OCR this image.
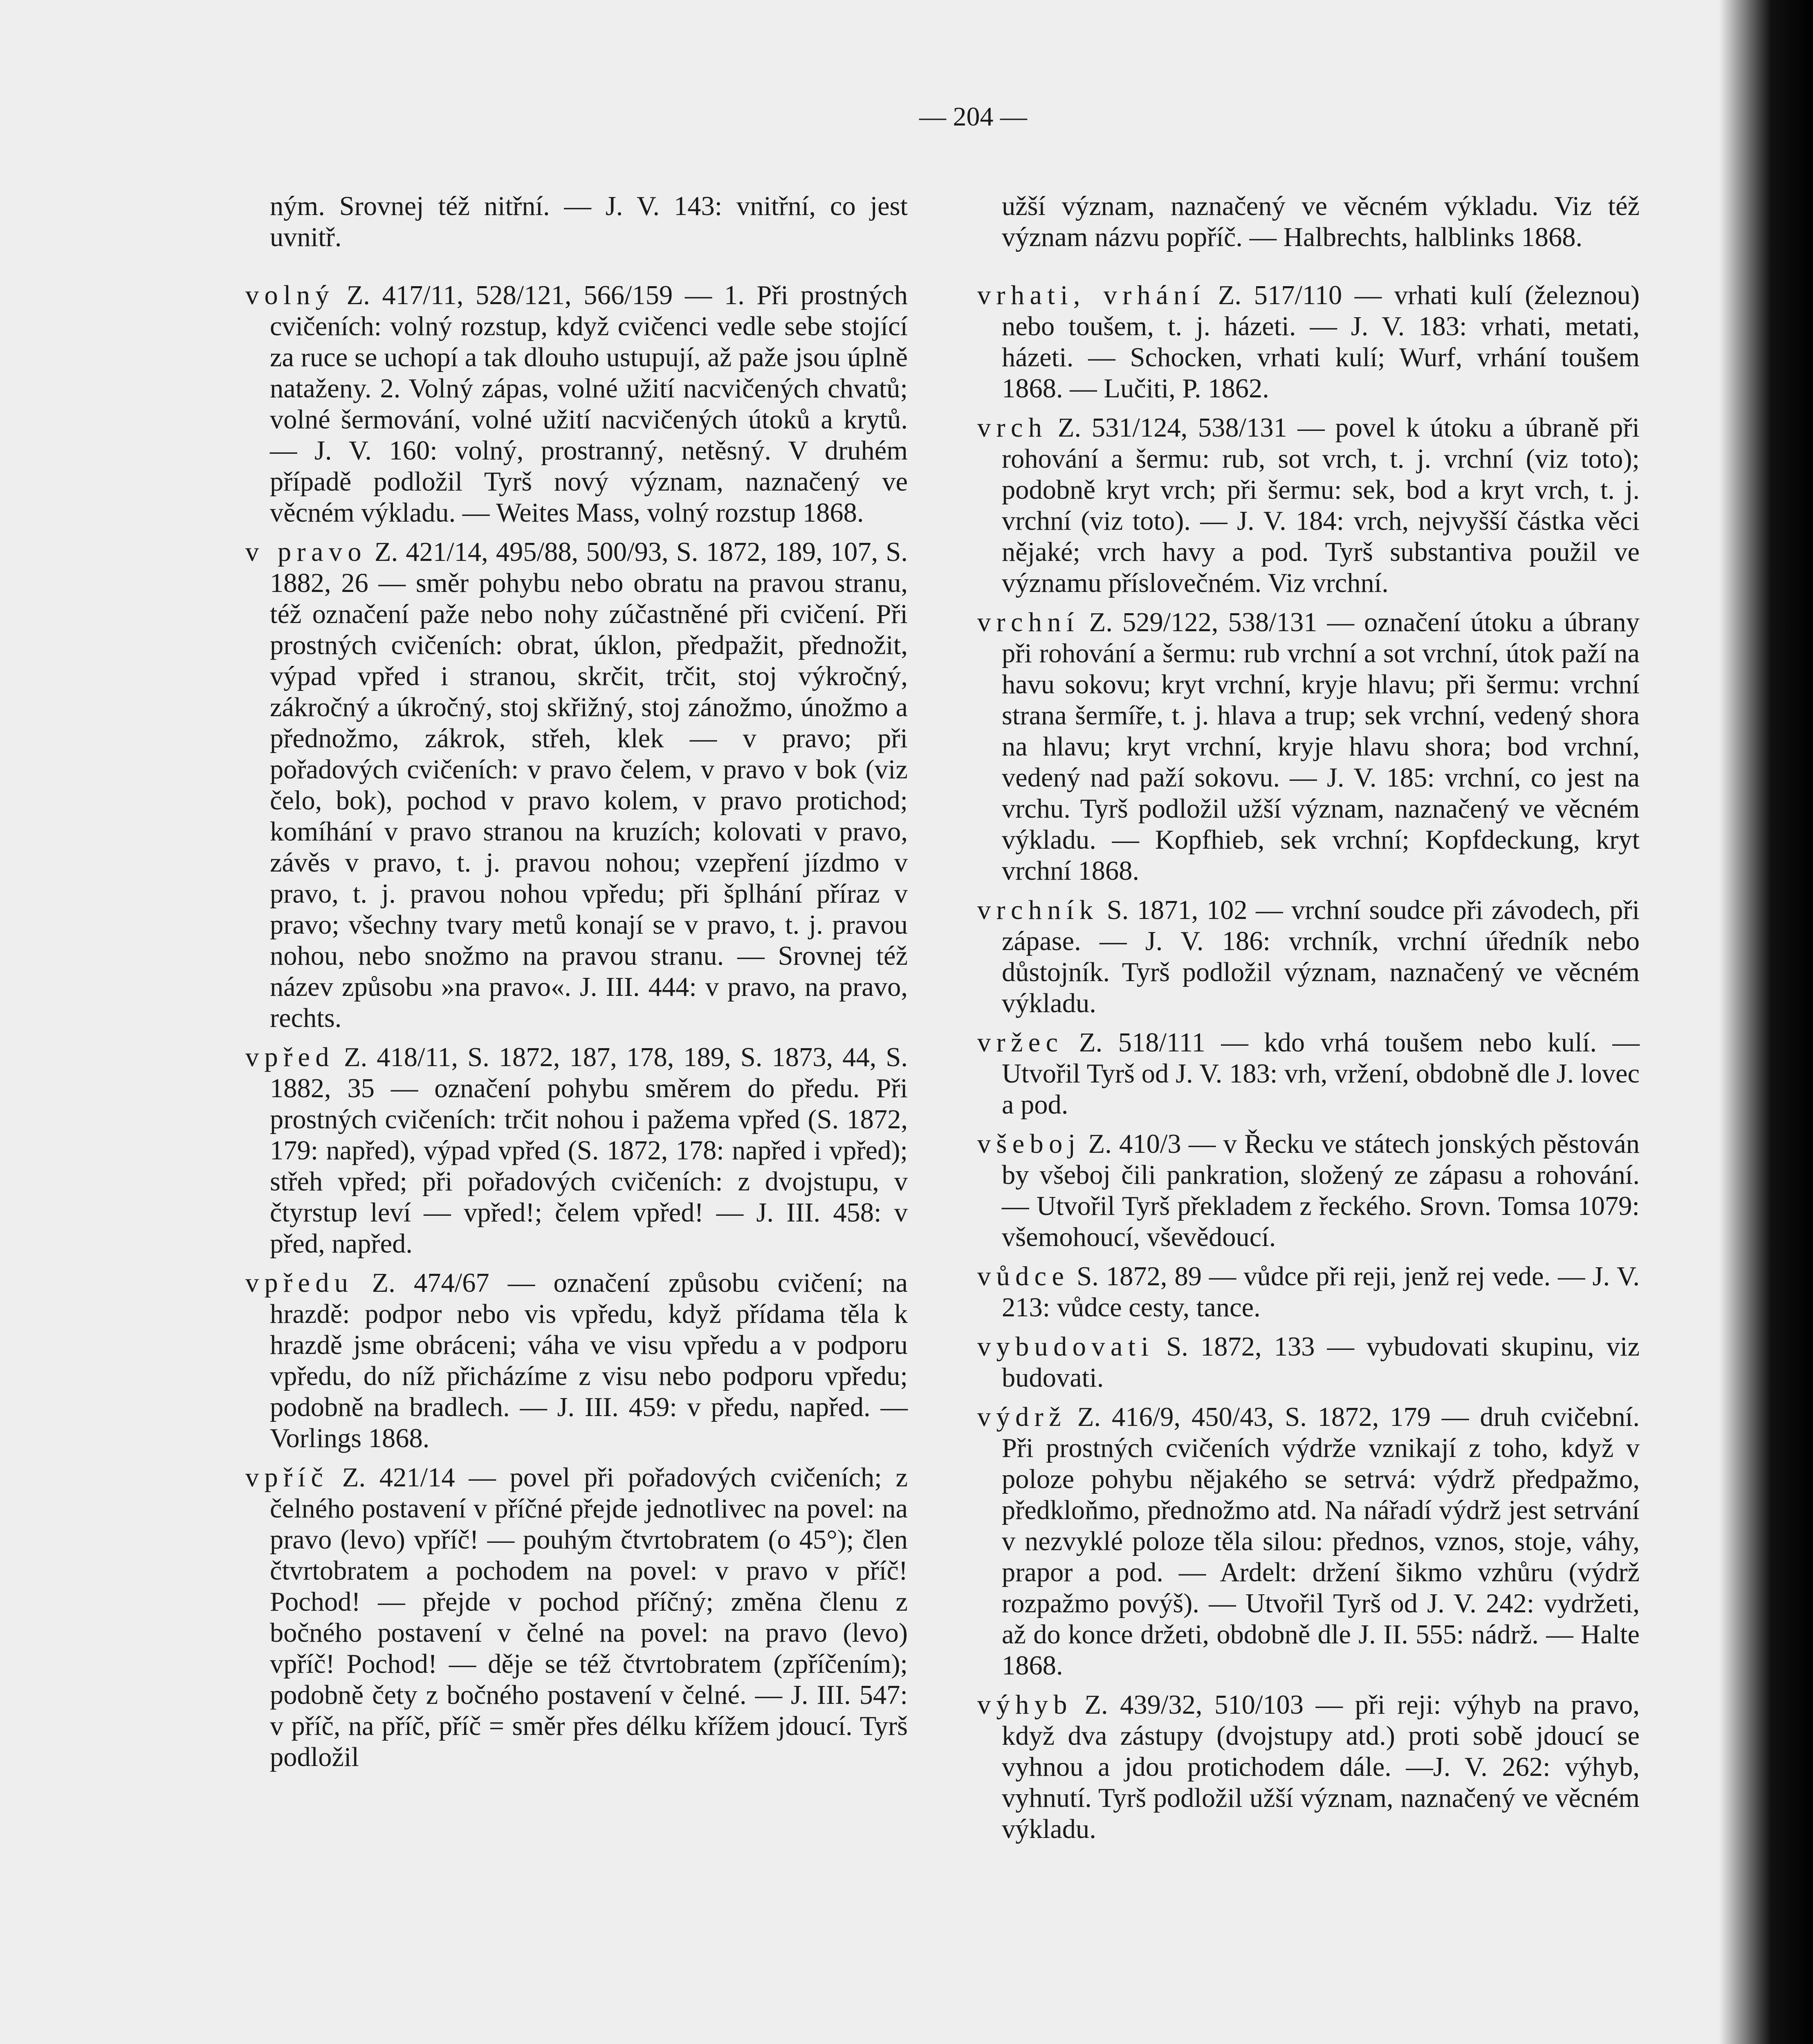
— 204 —

ným. Srovnej též nitřní. — J. V. 143: vnitřní, co jest uvnitř.

volný Z. 417/11, 528/121, 566/159 — 1. Při prostných cvičeních: volný rozstup, když cvičenci vedle sebe stojící za ruce se uchopí a tak dlouho ustupují, až paže jsou úplně nataženy. 2. Volný zápas, volné užití nacvičených chvatů; volné šermování, volné užití nacvičených útoků a krytů. — J. V. 160: volný, prostranný, netěsný. V druhém případě podložil Tyrš nový význam, naznačený ve věcném výkladu. — Weites Mass, volný rozstup 1868.

v pravo Z. 421/14, 495/88, 500/93, S. 1872, 189, 107, S. 1882, 26 — směr pohybu nebo obratu na pravou stranu, též označení paže nebo nohy zúčastněné při cvičení. Při prostných cvičeních: obrat, úklon, předpažit, přednožit, výpad vpřed i stranou, skrčit, trčit, stoj výkročný, zákročný a úkročný, stoj skřižný, stoj zánožmo, únožmo a přednožmo, zákrok, střeh, klek — v pravo; při pořadových cvičeních: v pravo čelem, v pravo v bok (viz čelo, bok), pochod v pravo kolem, v pravo protichod; komíhání v pravo stranou na kruzích; kolovati v pravo, závěs v pravo, t. j. pravou nohou; vzepření jízdmo v pravo, t. j. pravou nohou vpředu; při šplhání příraz v pravo; všechny tvary metů konají se v pravo, t. j. pravou nohou, nebo snožmo na pravou stranu. — Srovnej též název způsobu »na pravo«. J. III. 444: v pravo, na pravo, rechts.

vpřed Z. 418/11, S. 1872, 187, 178, 189, S. 1873, 44, S. 1882, 35 — označení pohybu směrem do předu. Při prostných cvičeních: trčit nohou i pažema vpřed (S. 1872, 179: napřed), výpad vpřed (S. 1872, 178: napřed i vpřed); střeh vpřed; při pořadových cvičeních: z dvojstupu, v čtyrstup leví — vpřed!; čelem vpřed! — J. III. 458: v před, napřed.

vpředu Z. 474/67 — označení způsobu cvičení; na hrazdě: podpor nebo vis vpředu, když přídama těla k hrazdě jsme obráceni; váha ve visu vpředu a v podporu vpředu, do níž přicházíme z visu nebo podporu vpředu; podobně na bradlech. — J. III. 459: v předu, napřed. — Vorlings 1868.

vpříč Z. 421/14 — povel při pořadových cvičeních; z čelného postavení v příčné přejde jednotlivec na povel: na pravo (levo) vpříč! — pouhým čtvrtobratem (o 45°); člen čtvrtobratem a pochodem na povel: v pravo v příč! Pochod! — přejde v pochod příčný; změna členu z bočného postavení v čelné na povel: na pravo (levo) vpříč! Pochod! — děje se též čtvrtobratem (zpříčením); podobně čety z bočného postavení v čelné. — J. III. 547: v příč, na příč, příč = směr přes délku křížem jdoucí. Tyrš podložil

užší význam, naznačený ve věcném výkladu. Viz též význam názvu popříč. — Halbrechts, halblinks 1868.

vrhati, vrhání Z. 517/110 — vrhati kulí (železnou) nebo toušem, t. j. házeti. — J. V. 183: vrhati, metati, házeti. — Schocken, vrhati kulí; Wurf, vrhání toušem 1868. — Lučiti, P. 1862.

vrch Z. 531/124, 538/131 — povel k útoku a úbraně při rohování a šermu: rub, sot vrch, t. j. vrchní (viz toto); podobně kryt vrch; při šermu: sek, bod a kryt vrch, t. j. vrchní (viz toto). — J. V. 184: vrch, nejvyšší částka věci nějaké; vrch havy a pod. Tyrš substantiva použil ve významu příslovečném. Viz vrchní.

vrchní Z. 529/122, 538/131 — označení útoku a úbrany při rohování a šermu: rub vrchní a sot vrchní, útok paží na havu sokovu; kryt vrchní, kryje hlavu; při šermu: vrchní strana šermíře, t. j. hlava a trup; sek vrchní, vedený shora na hlavu; kryt vrchní, kryje hlavu shora; bod vrchní, vedený nad paží sokovu. — J. V. 185: vrchní, co jest na vrchu. Tyrš podložil užší význam, naznačený ve věcném výkladu. — Kopfhieb, sek vrchní; Kopfdeckung, kryt vrchní 1868.

vrchník S. 1871, 102 — vrchní soudce při závodech, při zápase. — J. V. 186: vrchník, vrchní úředník nebo důstojník. Tyrš podložil význam, naznačený ve věcném výkladu.

vržec Z. 518/111 — kdo vrhá toušem nebo kulí. — Utvořil Tyrš od J. V. 183: vrh, vržení, obdobně dle J. lovec a pod.

všeboj Z. 410/3 — v Řecku ve státech jonských pěstován by všeboj čili pankration, složený ze zápasu a rohování. — Utvořil Tyrš překladem z řeckého. Srovn. Tomsa 1079: všemohoucí, vševědoucí.

vůdce S. 1872, 89 — vůdce při reji, jenž rej vede. — J. V. 213: vůdce cesty, tance.

vybudovati S. 1872, 133 — vybudovati skupinu, viz budovati.

výdrž Z. 416/9, 450/43, S. 1872, 179 — druh cvičební. Při prostných cvičeních výdrže vznikají z toho, když v poloze pohybu nějakého se setrvá: výdrž předpažmo, předkloňmo, přednožmo atd. Na nářadí výdrž jest setrvání v nezvyklé poloze těla silou: přednos, vznos, stoje, váhy, prapor a pod. — Ardelt: držení šikmo vzhůru (výdrž rozpažmo povýš). — Utvořil Tyrš od J. V. 242: vydržeti, až do konce držeti, obdobně dle J. II. 555: nádrž. — Halte 1868.

výhyb Z. 439/32, 510/103 — při reji: výhyb na pravo, když dva zástupy (dvojstupy atd.) proti sobě jdoucí se vyhnou a jdou protichodem dále. —J. V. 262: výhyb, vyhnutí. Tyrš podložil užší význam, naznačený ve věcném výkladu.
